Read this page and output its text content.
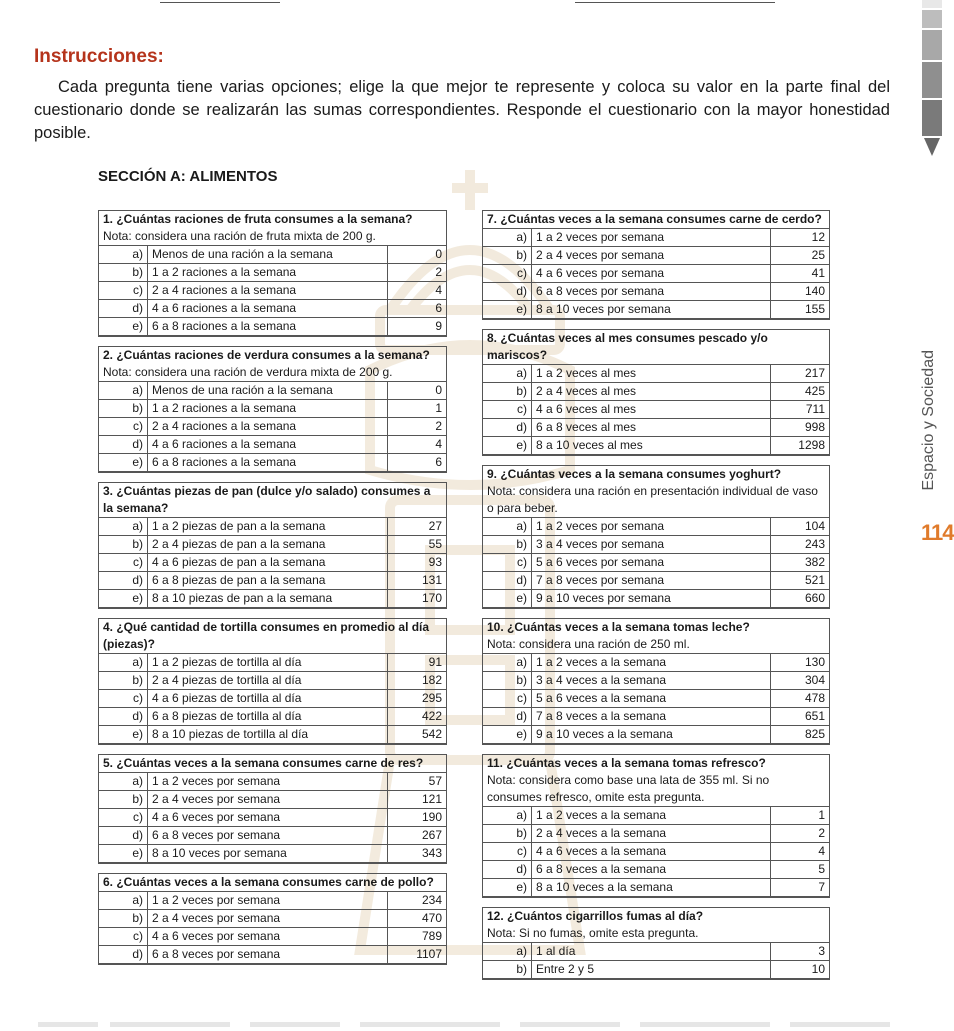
Instrucciones:
Cada pregunta tiene varias opciones; elige la que mejor te represente y coloca su valor en la parte final del cuestionario donde se realizarán las sumas correspondientes. Responde el cuestionario con la mayor honestidad posible.
SECCIÓN A: ALIMENTOS
1. ¿Cuántas raciones de fruta consumes a la semana?
Nota: considera una ración de fruta mixta de 200 g.
a)	Menos de una ración a la semana	0
b)	1 a 2 raciones a la semana	2
c)	2 a 4 raciones a la semana	4
d)	4 a 6 raciones a la semana	6
e)	6 a 8 raciones a la semana	9
2. ¿Cuántas raciones de verdura consumes a la semana?
Nota: considera una ración de verdura mixta de 200 g.
a)	Menos de una ración a la semana	0
b)	1 a 2 raciones a la semana	1
c)	2 a 4 raciones a la semana	2
d)	4 a 6 raciones a la semana	4
e)	6 a 8 raciones a la semana	6
3. ¿Cuántas piezas de pan (dulce y/o salado) consumes a la semana?
a)	1 a 2 piezas de pan a la semana	27
b)	2 a 4 piezas de pan a la semana	55
c)	4 a 6 piezas de pan a la semana	93
d)	6 a 8 piezas de pan a la semana	131
e)	8 a 10 piezas de pan a la semana	170
4. ¿Qué cantidad de tortilla consumes en promedio al día (piezas)?
a)	1 a 2 piezas de tortilla al día	91
b)	2 a 4 piezas de tortilla al día	182
c)	4 a 6 piezas de tortilla al día	295
d)	6 a 8 piezas de tortilla al día	422
e)	8 a 10 piezas de tortilla al día	542
5. ¿Cuántas veces a la semana consumes carne de res?
a)	1 a 2 veces por semana	57
b)	2 a 4 veces por semana	121
c)	4 a 6 veces por semana	190
d)	6 a 8 veces por semana	267
e)	8 a 10 veces por semana	343
6. ¿Cuántas veces a la semana consumes carne de pollo?
a)	1 a 2 veces por semana	234
b)	2 a 4 veces por semana	470
c)	4 a 6 veces por semana	789
d)	6 a 8 veces por semana	1107
7. ¿Cuántas veces a la semana consumes carne de cerdo?
a)	1 a 2 veces por semana	12
b)	2 a 4 veces por semana	25
c)	4 a 6 veces por semana	41
d)	6 a 8 veces por semana	140
e)	8 a 10 veces por semana	155
8. ¿Cuántas veces al mes consumes pescado y/o mariscos?
a)	1 a 2 veces al mes	217
b)	2 a 4 veces al mes	425
c)	4 a 6 veces al mes	711
d)	6 a 8 veces al mes	998
e)	8 a 10 veces al mes	1298
9. ¿Cuántas veces a la semana consumes yoghurt?
Nota: considera una ración en presentación individual de vaso o para beber.
a)	1 a 2 veces por semana	104
b)	3 a 4 veces por semana	243
c)	5 a 6 veces por semana	382
d)	7 a 8 veces por semana	521
e)	9 a 10 veces por semana	660
10. ¿Cuántas veces a la semana tomas leche?
Nota: considera una ración de 250 ml.
a)	1 a 2 veces a la semana	130
b)	3 a 4 veces a la semana	304
c)	5 a 6 veces a la semana	478
d)	7 a 8 veces a la semana	651
e)	9 a 10 veces a la semana	825
11. ¿Cuántas veces a la semana tomas refresco?
Nota: considera como base una lata de 355 ml. Si no consumes refresco, omite esta pregunta.
a)	1 a 2 veces a la semana	1
b)	2 a 4 veces a la semana	2
c)	4 a 6 veces a la semana	4
d)	6 a 8 veces a la semana	5
e)	8 a 10 veces a la semana	7
12. ¿Cuántos cigarrillos fumas al día?
Nota: Si no fumas, omite esta pregunta.
a)	1 al día	3
b)	Entre 2 y 5	10
Espacio y Sociedad
114
